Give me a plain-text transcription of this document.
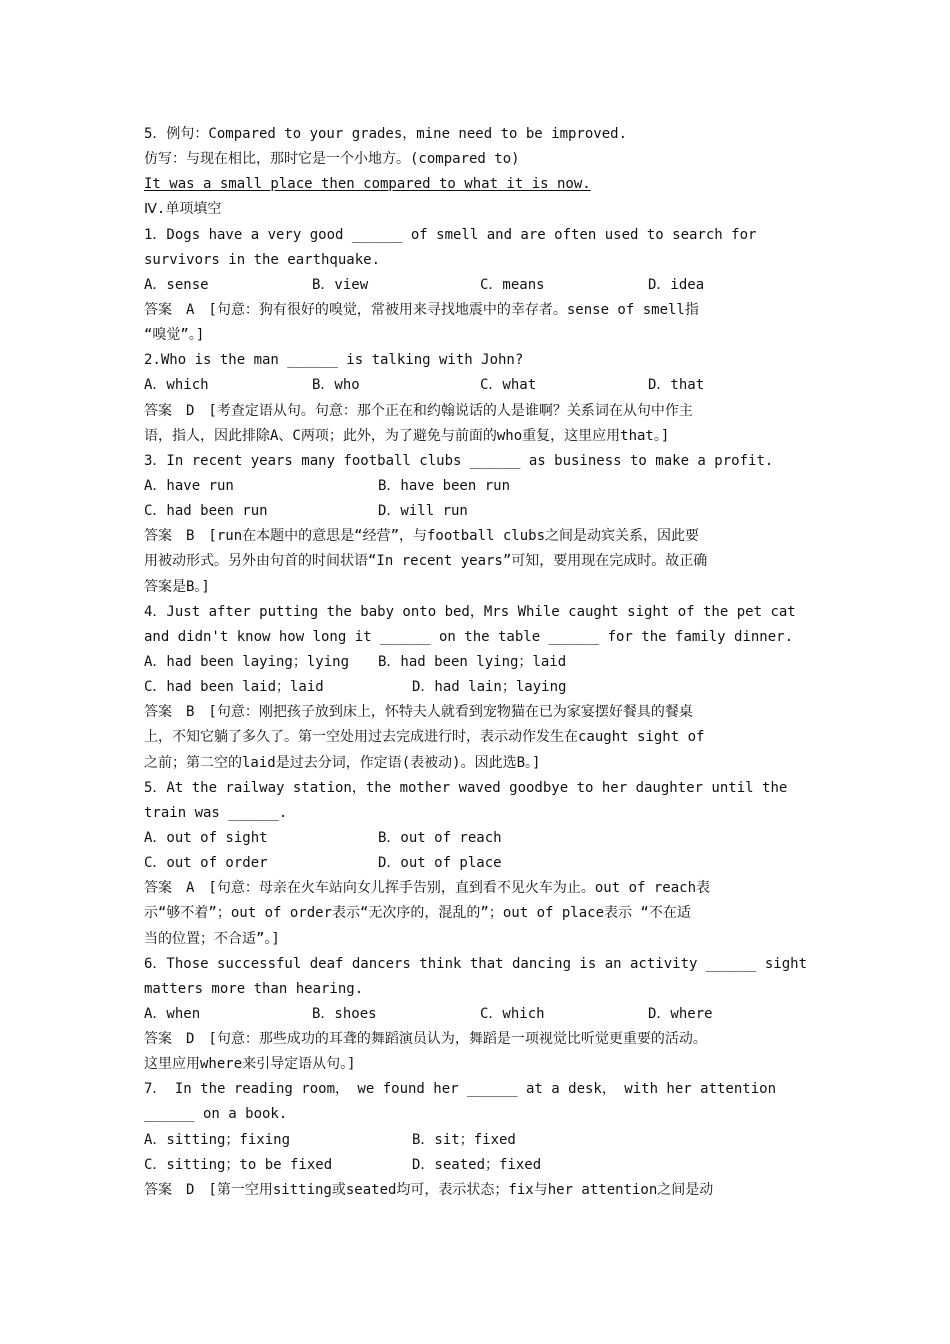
5．例句：Compared to your grades，mine need to be improved.
仿写：与现在相比，那时它是一个小地方。(compared to)
It was a small place then compared to what it is now.
Ⅳ.单项填空
1．Dogs have a very good ______ of smell and are often used to search for
survivors in the earthquake.
A．sense	B．view	C．means	D．idea
答案　A　[句意：狗有很好的嗅觉，常被用来寻找地震中的幸存者。sense of smell指
“嗅觉”。]
2.Who is the man ______ is talking with John?
A．which	B．who	C．what	D．that
答案　D　[考查定语从句。句意：那个正在和约翰说话的人是谁啊？关系词在从句中作主
语，指人，因此排除A、C两项；此外，为了避免与前面的who重复，这里应用that。]
3．In recent years many football clubs ______ as business to make a profit.
A．have run	B．have been run
C．had been run	D．will run
答案　B　[run在本题中的意思是“经营”，与football clubs之间是动宾关系，因此要
用被动形式。另外由句首的时间状语“In recent years”可知，要用现在完成时。故正确
答案是B。]
4．Just after putting the baby onto bed，Mrs While caught sight of the pet cat
and didn't know how long it ______ on the table ______ for the family dinner.
A．had been laying；lying B．had been lying；laid
C．had been laid；laid	D．had lain；laying
答案　B　[句意：刚把孩子放到床上，怀特夫人就看到宠物猫在已为家宴摆好餐具的餐桌
上，不知它躺了多久了。第一空处用过去完成进行时，表示动作发生在caught sight of
之前；第二空的laid是过去分词，作定语(表被动)。因此选B。]
5．At the railway station，the mother waved goodbye to her daughter until the
train was ______.
A．out of sight	B．out of reach
C．out of order	D．out of place
答案　A　[句意：母亲在火车站向女儿挥手告别，直到看不见火车为止。out of reach表
示“够不着”；out of order表示“无次序的，混乱的”；out of place表示 “不在适
当的位置；不合适”。]
6．Those successful deaf dancers think that dancing is an activity ______ sight
matters more than hearing.
A．when	B．shoes	C．which	D．where
答案　D　[句意：那些成功的耳聋的舞蹈演员认为，舞蹈是一项视觉比听觉更重要的活动。
这里应用where来引导定语从句。]
7． In the reading room， we found her ______ at a desk， with her attention
______ on a book.
A．sitting；fixing	B．sit；fixed
C．sitting；to be fixed	D．seated；fixed
答案　D　[第一空用sitting或seated均可，表示状态；fix与her attention之间是动
